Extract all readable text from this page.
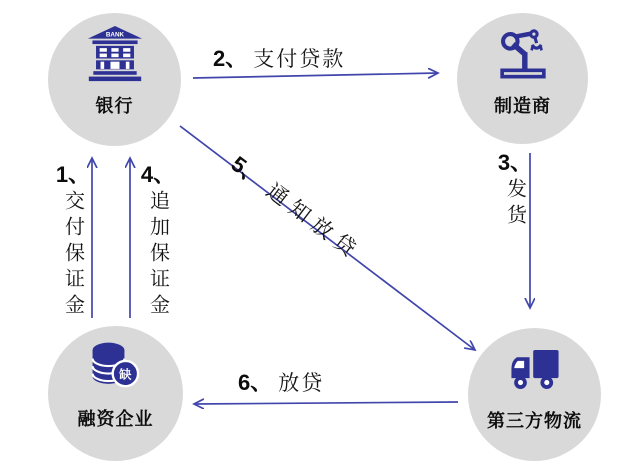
BANK
银行	制造商
缺
融资企业	第三方物流
2、 支付贷款
5、通知放贷
6、 放贷
1、
交付保证金
4、
追加保证金
3、
发货
